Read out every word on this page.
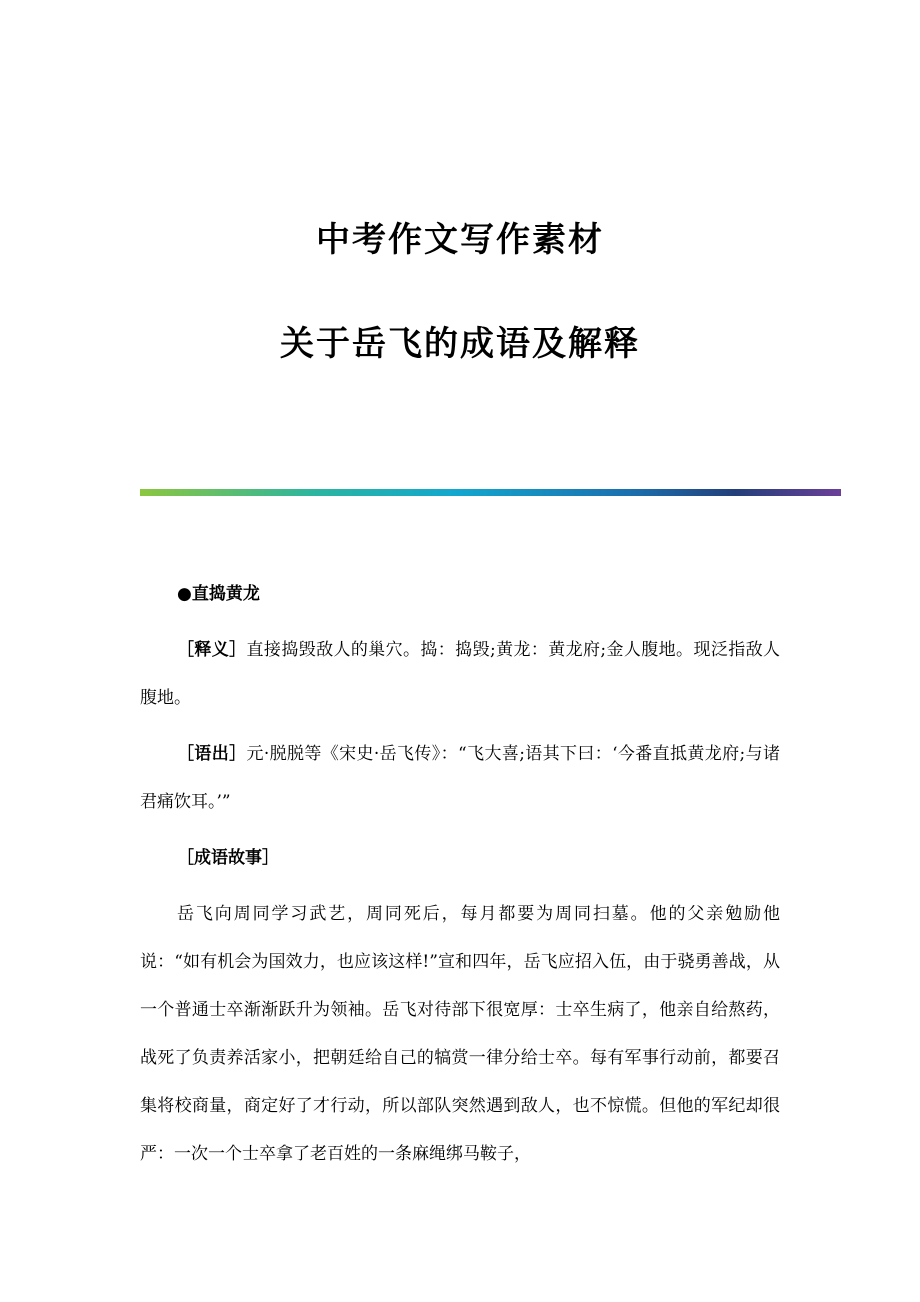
中考作文写作素材
关于岳飞的成语及解释

●直捣黄龙

［释义］直接捣毁敌人的巢穴。捣：捣毁;黄龙：黄龙府;金人腹地。现泛指敌人腹地。

［语出］元·脱脱等《宋史·岳飞传》：“飞大喜;语其下曰：‘今番直抵黄龙府;与诸君痛饮耳。’”

［成语故事］

岳飞向周同学习武艺，周同死后，每月都要为周同扫墓。他的父亲勉励他说：“如有机会为国效力，也应该这样!”宣和四年，岳飞应招入伍，由于骁勇善战，从一个普通士卒渐渐跃升为领袖。岳飞对待部下很宽厚：士卒生病了，他亲自给熬药，战死了负责养活家小，把朝廷给自己的犒赏一律分给士卒。每有军事行动前，都要召集将校商量，商定好了才行动，所以部队突然遇到敌人，也不惊慌。但他的军纪却很严：一次一个士卒拿了老百姓的一条麻绳绑马鞍子，
